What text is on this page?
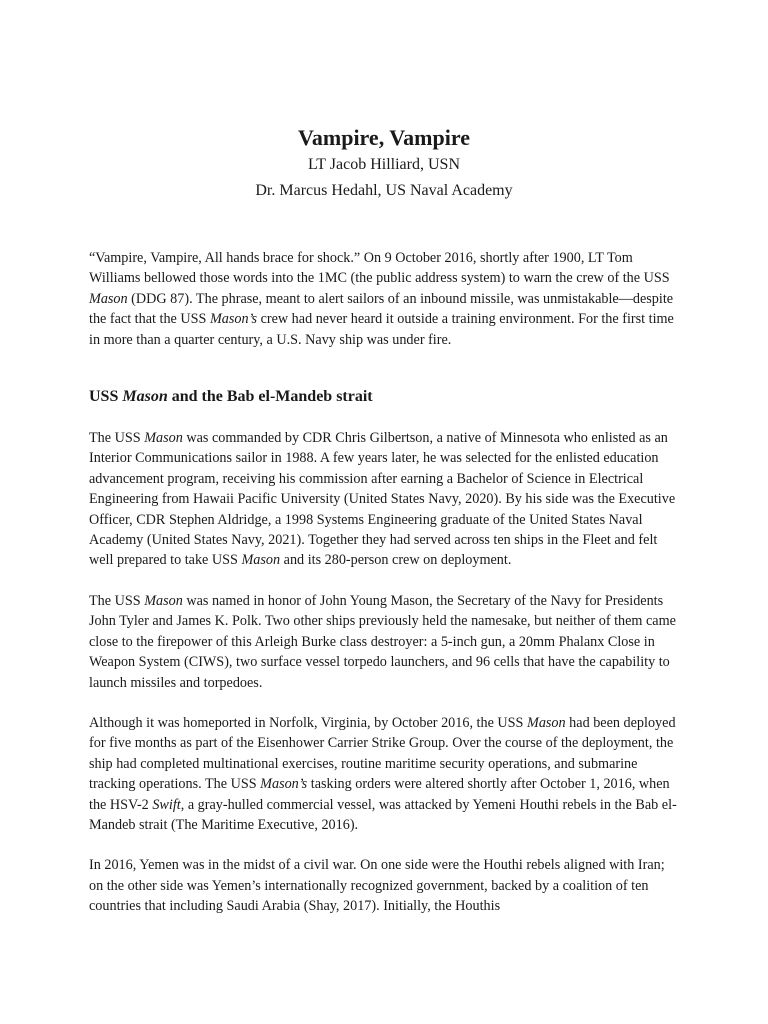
Vampire, Vampire
LT Jacob Hilliard, USN
Dr. Marcus Hedahl, US Naval Academy

“Vampire, Vampire, All hands brace for shock.” On 9 October 2016, shortly after 1900, LT Tom Williams bellowed those words into the 1MC (the public address system) to warn the crew of the USS Mason (DDG 87). The phrase, meant to alert sailors of an inbound missile, was unmistakable—despite the fact that the USS Mason’s crew had never heard it outside a training environment. For the first time in more than a quarter century, a U.S. Navy ship was under fire.

USS Mason and the Bab el-Mandeb strait

The USS Mason was commanded by CDR Chris Gilbertson, a native of Minnesota who enlisted as an Interior Communications sailor in 1988. A few years later, he was selected for the enlisted education advancement program, receiving his commission after earning a Bachelor of Science in Electrical Engineering from Hawaii Pacific University (United States Navy, 2020). By his side was the Executive Officer, CDR Stephen Aldridge, a 1998 Systems Engineering graduate of the United States Naval Academy (United States Navy, 2021). Together they had served across ten ships in the Fleet and felt well prepared to take USS Mason and its 280-person crew on deployment.

The USS Mason was named in honor of John Young Mason, the Secretary of the Navy for Presidents John Tyler and James K. Polk. Two other ships previously held the namesake, but neither of them came close to the firepower of this Arleigh Burke class destroyer: a 5-inch gun, a 20mm Phalanx Close in Weapon System (CIWS), two surface vessel torpedo launchers, and 96 cells that have the capability to launch missiles and torpedoes.

Although it was homeported in Norfolk, Virginia, by October 2016, the USS Mason had been deployed for five months as part of the Eisenhower Carrier Strike Group. Over the course of the deployment, the ship had completed multinational exercises, routine maritime security operations, and submarine tracking operations. The USS Mason’s tasking orders were altered shortly after October 1, 2016, when the HSV-2 Swift, a gray-hulled commercial vessel, was attacked by Yemeni Houthi rebels in the Bab el-Mandeb strait (The Maritime Executive, 2016).

In 2016, Yemen was in the midst of a civil war. On one side were the Houthi rebels aligned with Iran; on the other side was Yemen’s internationally recognized government, backed by a coalition of ten countries that including Saudi Arabia (Shay, 2017). Initially, the Houthis
